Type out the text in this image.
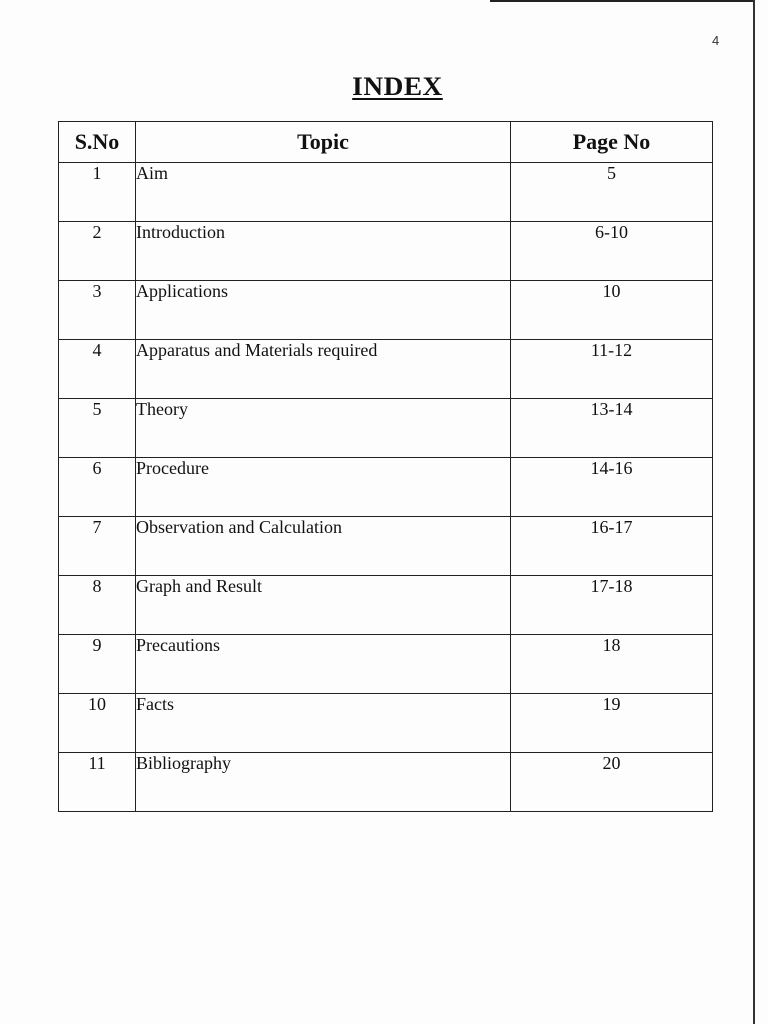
4
INDEX
S.No	Topic	Page No
1	Aim	5
2	Introduction	6-10
3	Applications	10
4	Apparatus and Materials required	11-12
5	Theory	13-14
6	Procedure	14-16
7	Observation and Calculation	16-17
8	Graph and Result	17-18
9	Precautions	18
10	Facts	19
11	Bibliography	20
